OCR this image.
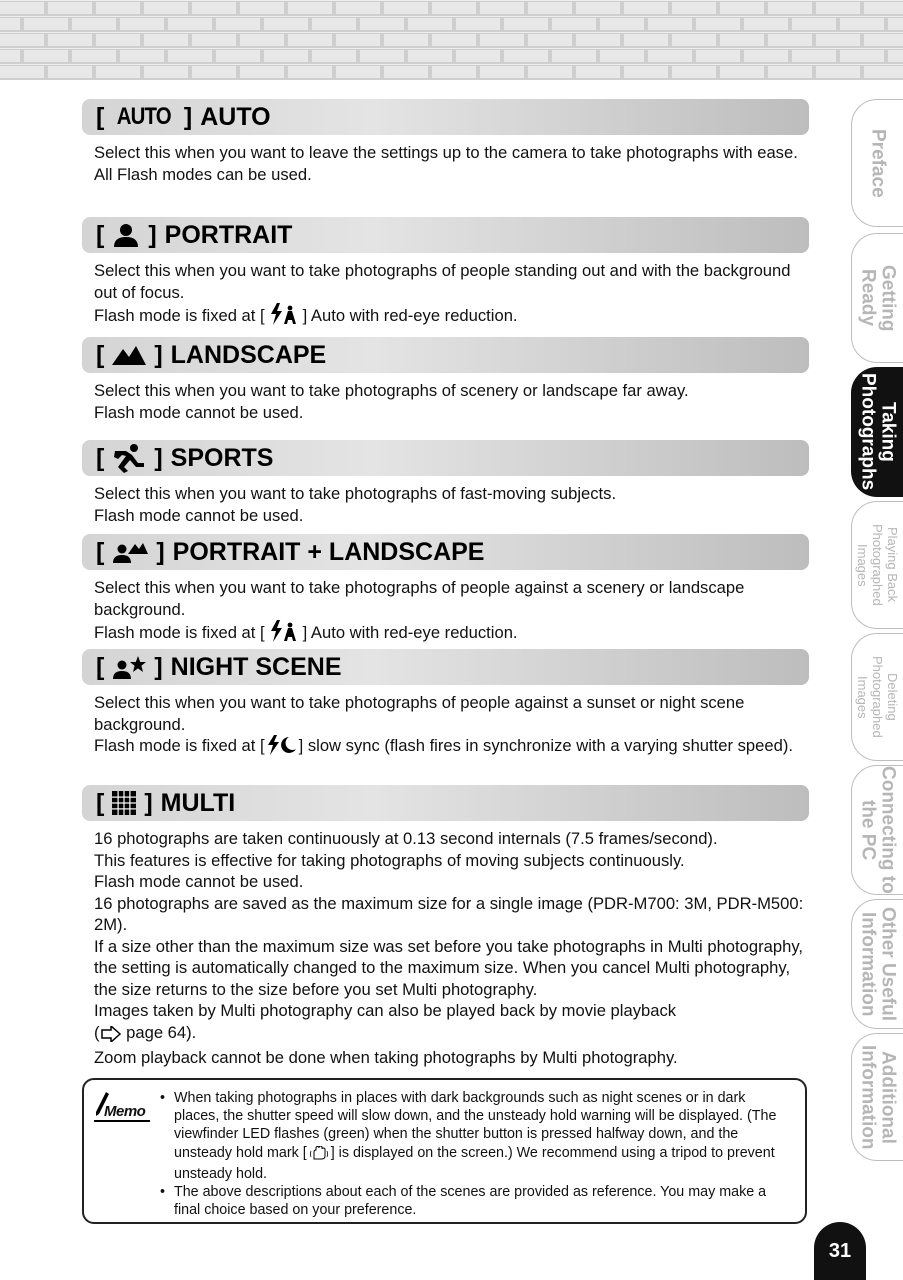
[ AUTO ] AUTO

Select this when you want to leave the settings up to the camera to take photographs with ease.

All Flash modes can be used.

[ ] PORTRAIT

Select this when you want to take photographs of people standing out and with the background out of focus.

Flash mode is fixed at [ ] Auto with red-eye reduction.

[ ] LANDSCAPE

Select this when you want to take photographs of scenery or landscape far away.

Flash mode cannot be used.

[ ] SPORTS

Select this when you want to take photographs of fast-moving subjects.

Flash mode cannot be used.

[ ] PORTRAIT + LANDSCAPE

Select this when you want to take photographs of people against a scenery or landscape background.

Flash mode is fixed at [ ] Auto with red-eye reduction.

[ ] NIGHT SCENE

Select this when you want to take photographs of people against a sunset or night scene background.

Flash mode is fixed at [ ] slow sync (flash fires in synchronize with a varying shutter speed).

[ ] MULTI

16 photographs are taken continuously at 0.13 second internals (7.5 frames/second).

This features is effective for taking photographs of moving subjects continuously.

Flash mode cannot be used.

16 photographs are saved as the maximum size for a single image (PDR-M700: 3M, PDR-M500: 2M).

If a size other than the maximum size was set before you take photographs in Multi photography, the setting is automatically changed to the maximum size. When you cancel Multi photography, the size returns to the size before you set Multi photography.

Images taken by Multi photography can also be played back by movie playback

( page 64).

Zoom playback cannot be done when taking photographs by Multi photography.

Memo
• When taking photographs in places with dark backgrounds such as night scenes or in dark places, the shutter speed will slow down, and the unsteady hold warning will be displayed. (The viewfinder LED flashes (green) when the shutter button is pressed halfway down, and the unsteady hold mark [ ] is displayed on the screen.) We recommend using a tripod to prevent unsteady hold.
• The above descriptions about each of the scenes are provided as reference. You may make a final choice based on your preference.
Preface
Getting
Ready
Taking
Photographs
Playing Back
Photographed Images
Deleting
Photographed Images
Connecting to
the PC
Other Useful
Information
Additional
Information
31
